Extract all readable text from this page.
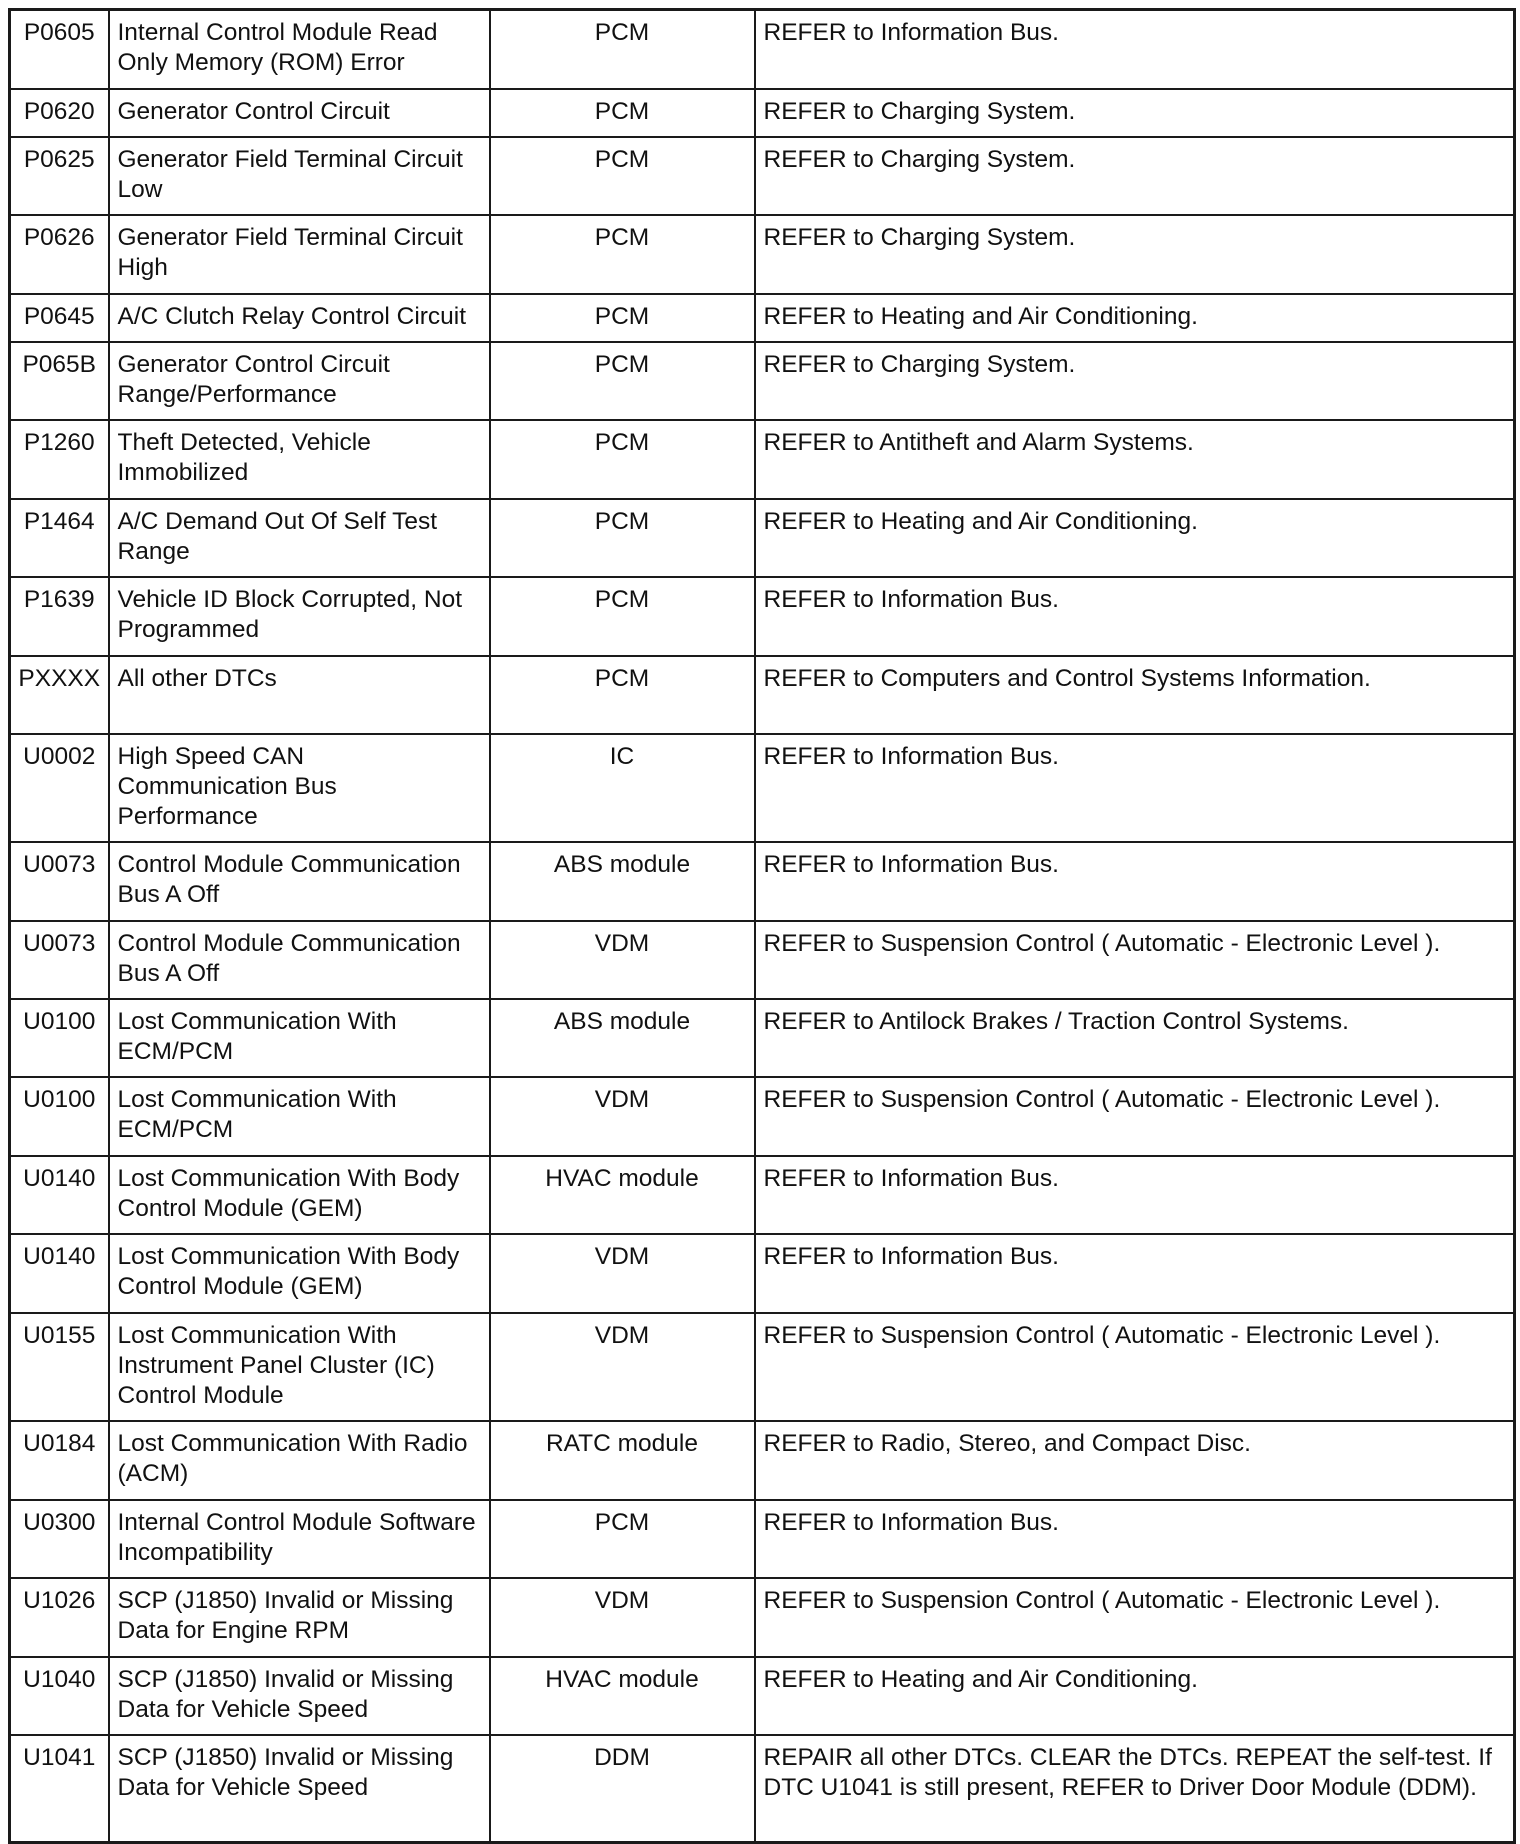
P0605	Internal Control Module Read Only Memory (ROM) Error	PCM	REFER to Information Bus.
P0620	Generator Control Circuit	PCM	REFER to Charging System.
P0625	Generator Field Terminal Circuit Low	PCM	REFER to Charging System.
P0626	Generator Field Terminal Circuit High	PCM	REFER to Charging System.
P0645	A/C Clutch Relay Control Circuit	PCM	REFER to Heating and Air Conditioning.
P065B	Generator Control Circuit Range/Performance	PCM	REFER to Charging System.
P1260	Theft Detected, Vehicle Immobilized	PCM	REFER to Antitheft and Alarm Systems.
P1464	A/C Demand Out Of Self Test Range	PCM	REFER to Heating and Air Conditioning.
P1639	Vehicle ID Block Corrupted, Not Programmed	PCM	REFER to Information Bus.
PXXXX	All other DTCs	PCM	REFER to Computers and Control Systems Information.
U0002	High Speed CAN Communication Bus Performance	IC	REFER to Information Bus.
U0073	Control Module Communication Bus A Off	ABS module	REFER to Information Bus.
U0073	Control Module Communication Bus A Off	VDM	REFER to Suspension Control ( Automatic - Electronic Level ).
U0100	Lost Communication With ECM/PCM	ABS module	REFER to Antilock Brakes / Traction Control Systems.
U0100	Lost Communication With ECM/PCM	VDM	REFER to Suspension Control ( Automatic - Electronic Level ).
U0140	Lost Communication With Body Control Module (GEM)	HVAC module	REFER to Information Bus.
U0140	Lost Communication With Body Control Module (GEM)	VDM	REFER to Information Bus.
U0155	Lost Communication With Instrument Panel Cluster (IC) Control Module	VDM	REFER to Suspension Control ( Automatic - Electronic Level ).
U0184	Lost Communication With Radio (ACM)	RATC module	REFER to Radio, Stereo, and Compact Disc.
U0300	Internal Control Module Software Incompatibility	PCM	REFER to Information Bus.
U1026	SCP (J1850) Invalid or Missing Data for Engine RPM	VDM	REFER to Suspension Control ( Automatic - Electronic Level ).
U1040	SCP (J1850) Invalid or Missing Data for Vehicle Speed	HVAC module	REFER to Heating and Air Conditioning.
U1041	SCP (J1850) Invalid or Missing Data for Vehicle Speed	DDM	REPAIR all other DTCs. CLEAR the DTCs. REPEAT the self-test. If DTC U1041 is still present, REFER to Driver Door Module (DDM).
